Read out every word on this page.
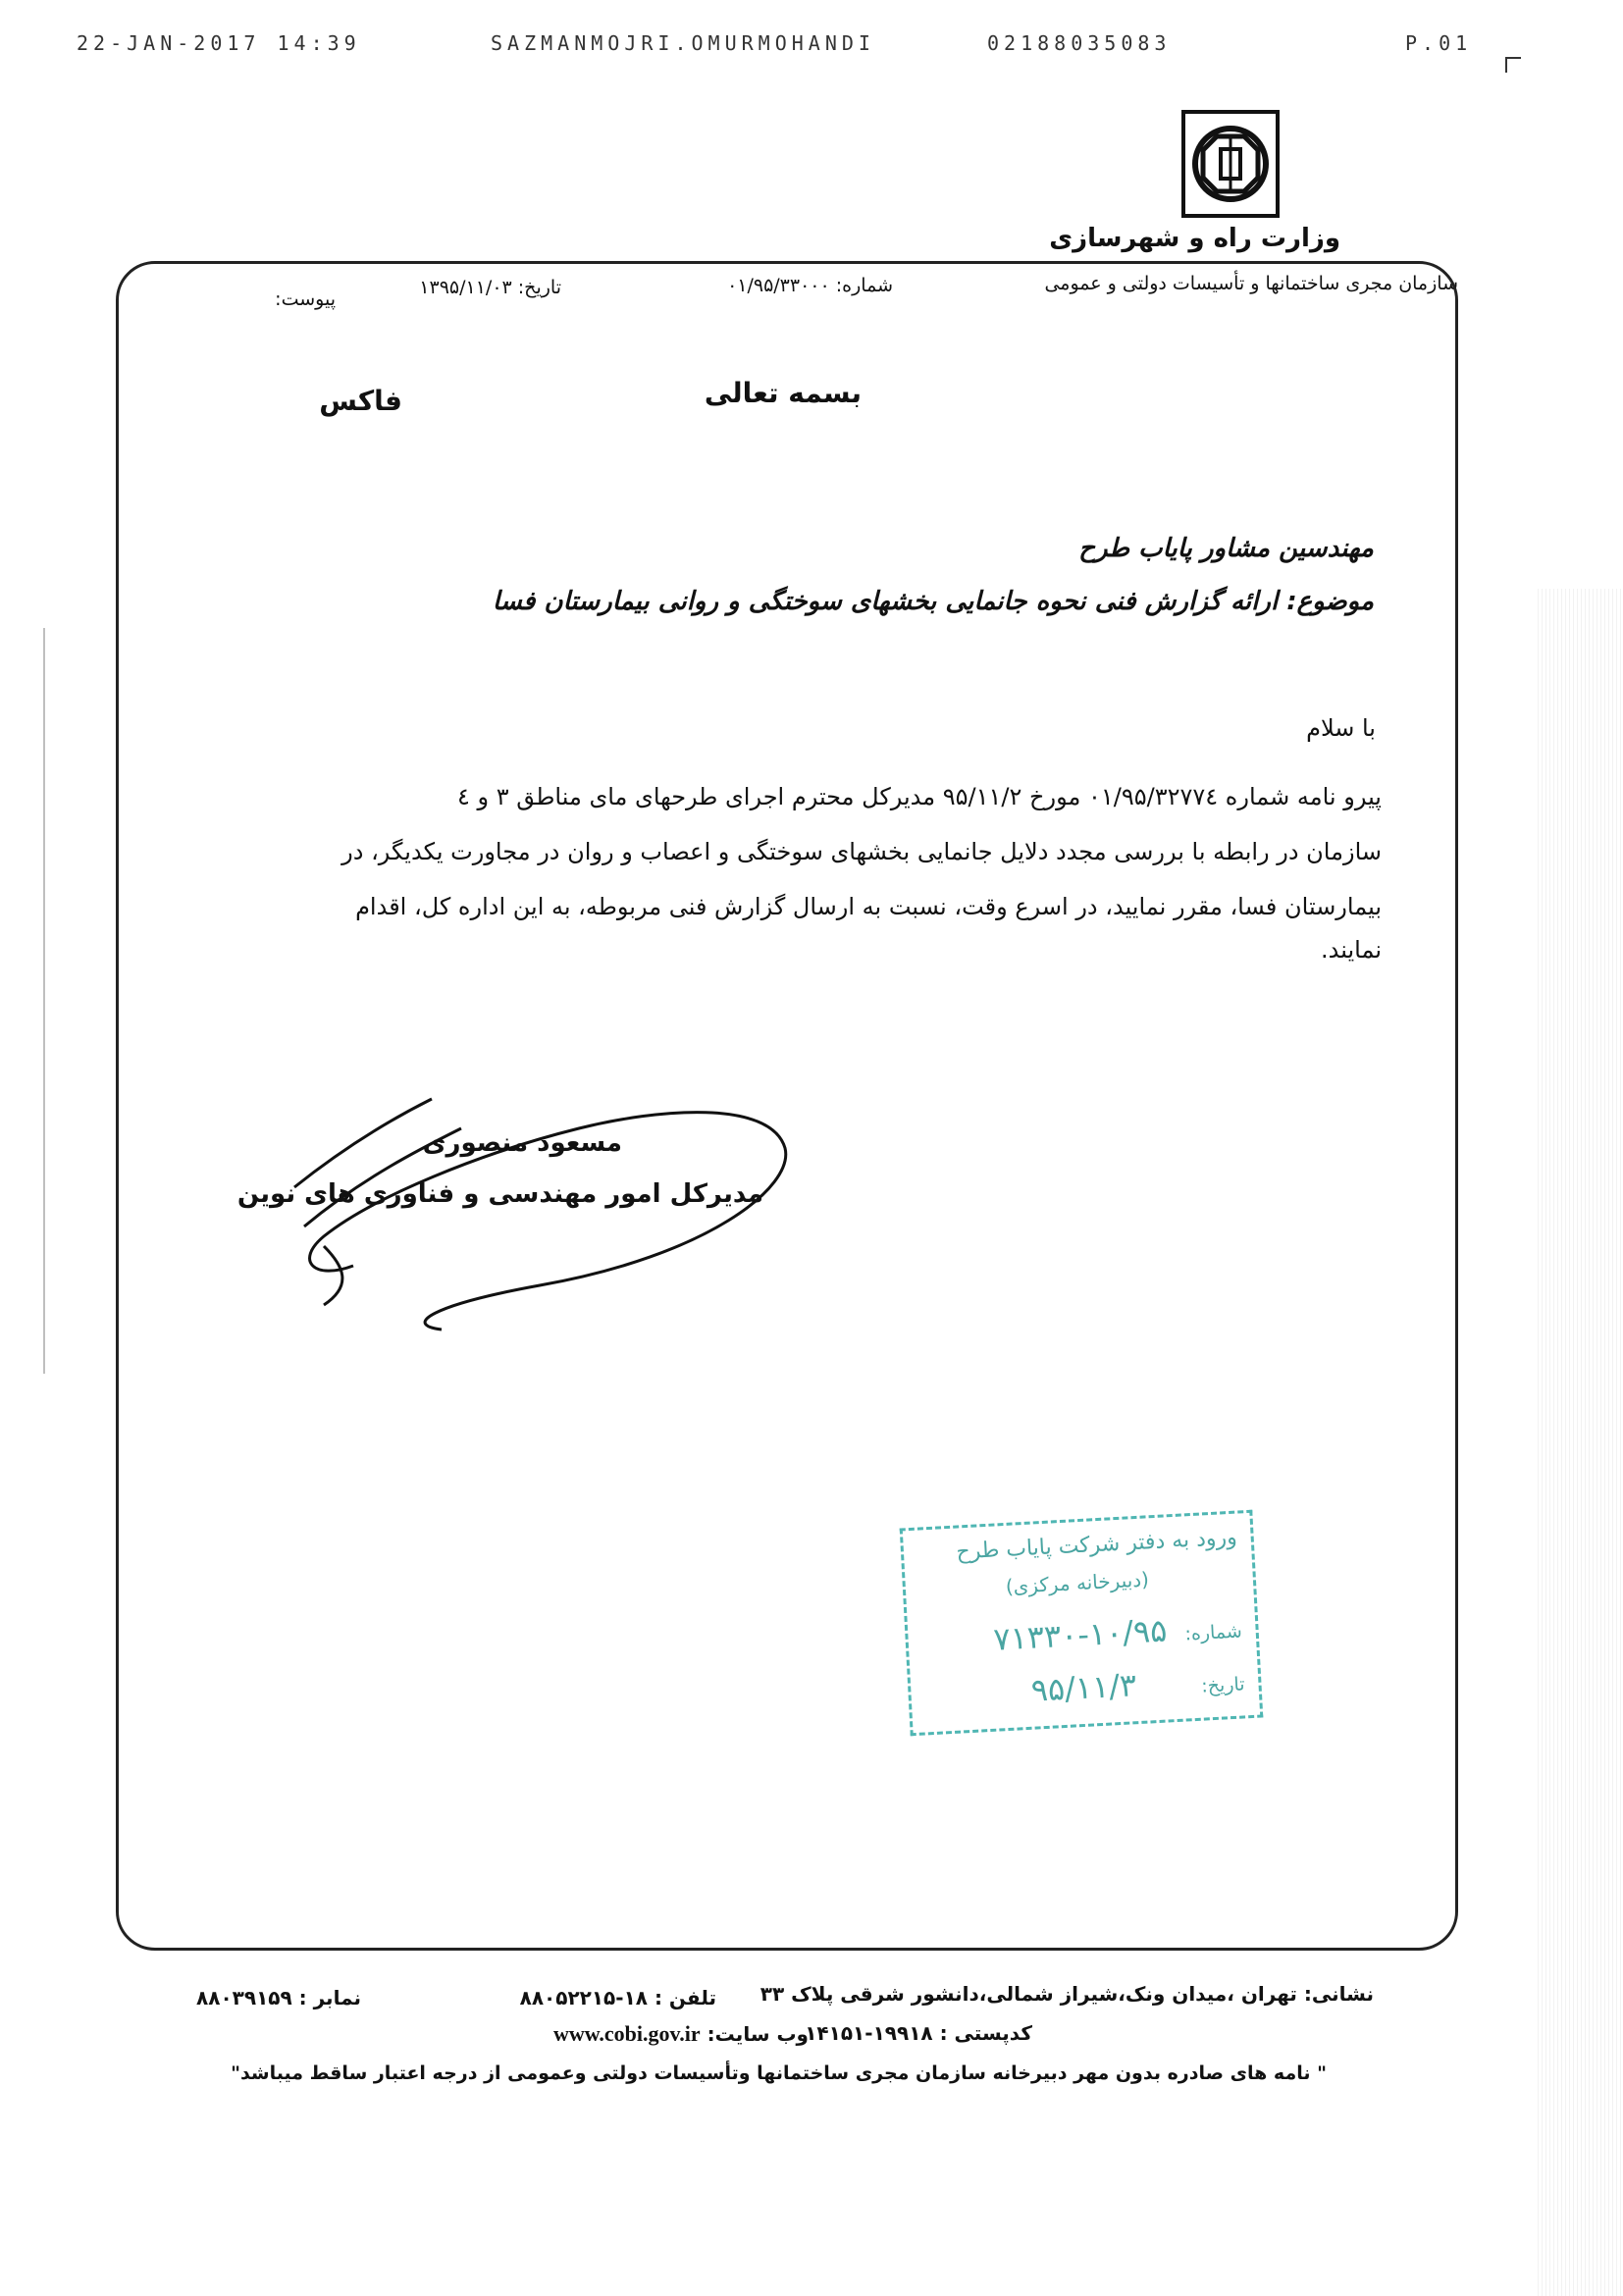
22-JAN-2017 14:39	SAZMANMOJRI.OMURMOHANDI	02188035083	P.01
وزارت راه و شهرسازی
سازمان مجری ساختمانها و تأسیسات دولتی و عمومی
شماره: ۰۱/۹۵/۳۳۰۰۰
تاریخ: ۱۳۹۵/۱۱/۰۳
پیوست:
بسمه تعالی
فاکس
مهندسین مشاور پایاب طرح
موضوع: ارائه گزارش فنی نحوه جانمایی بخشهای سوختگی و روانی بیمارستان فسا
با سلام
پیرو نامه شماره ۰۱/۹۵/۳۲۷۷٤ مورخ ۹۵/۱۱/۲ مدیرکل محترم اجرای طرحهای مای مناطق ۳ و ٤
سازمان در رابطه با بررسی مجدد دلایل جانمایی بخشهای سوختگی و اعصاب و روان در مجاورت یکدیگر، در
بیمارستان فسا، مقرر نمایید، در اسرع وقت، نسبت به ارسال گزارش فنی مربوطه، به این اداره کل، اقدام
نمایند.
مسعود منصوری
مدیرکل امور مهندسی و فناوری های نوین
ورود به دفتر شرکت پایاب طرح
(دبیرخانه مرکزی)
شماره: ۱۰/۹۵-۷۱۳۳۰
تاریخ: ۹۵/۱۱/۳
نشانی: تهران ،میدان ونک،شیراز شمالی،دانشور شرقی پلاک ۳۳
تلفن : ۱۸-۸۸۰۵۲۲۱۵
نمابر : ۸۸۰۳۹۱۵۹
کدپستی : ۱۹۹۱۸-۱۴۱۵۱
وب سایت: www.cobi.gov.ir
" نامه های صادره بدون مهر دبیرخانه سازمان مجری ساختمانها وتأسیسات دولتی وعمومی از درجه اعتبار ساقط میباشد"
